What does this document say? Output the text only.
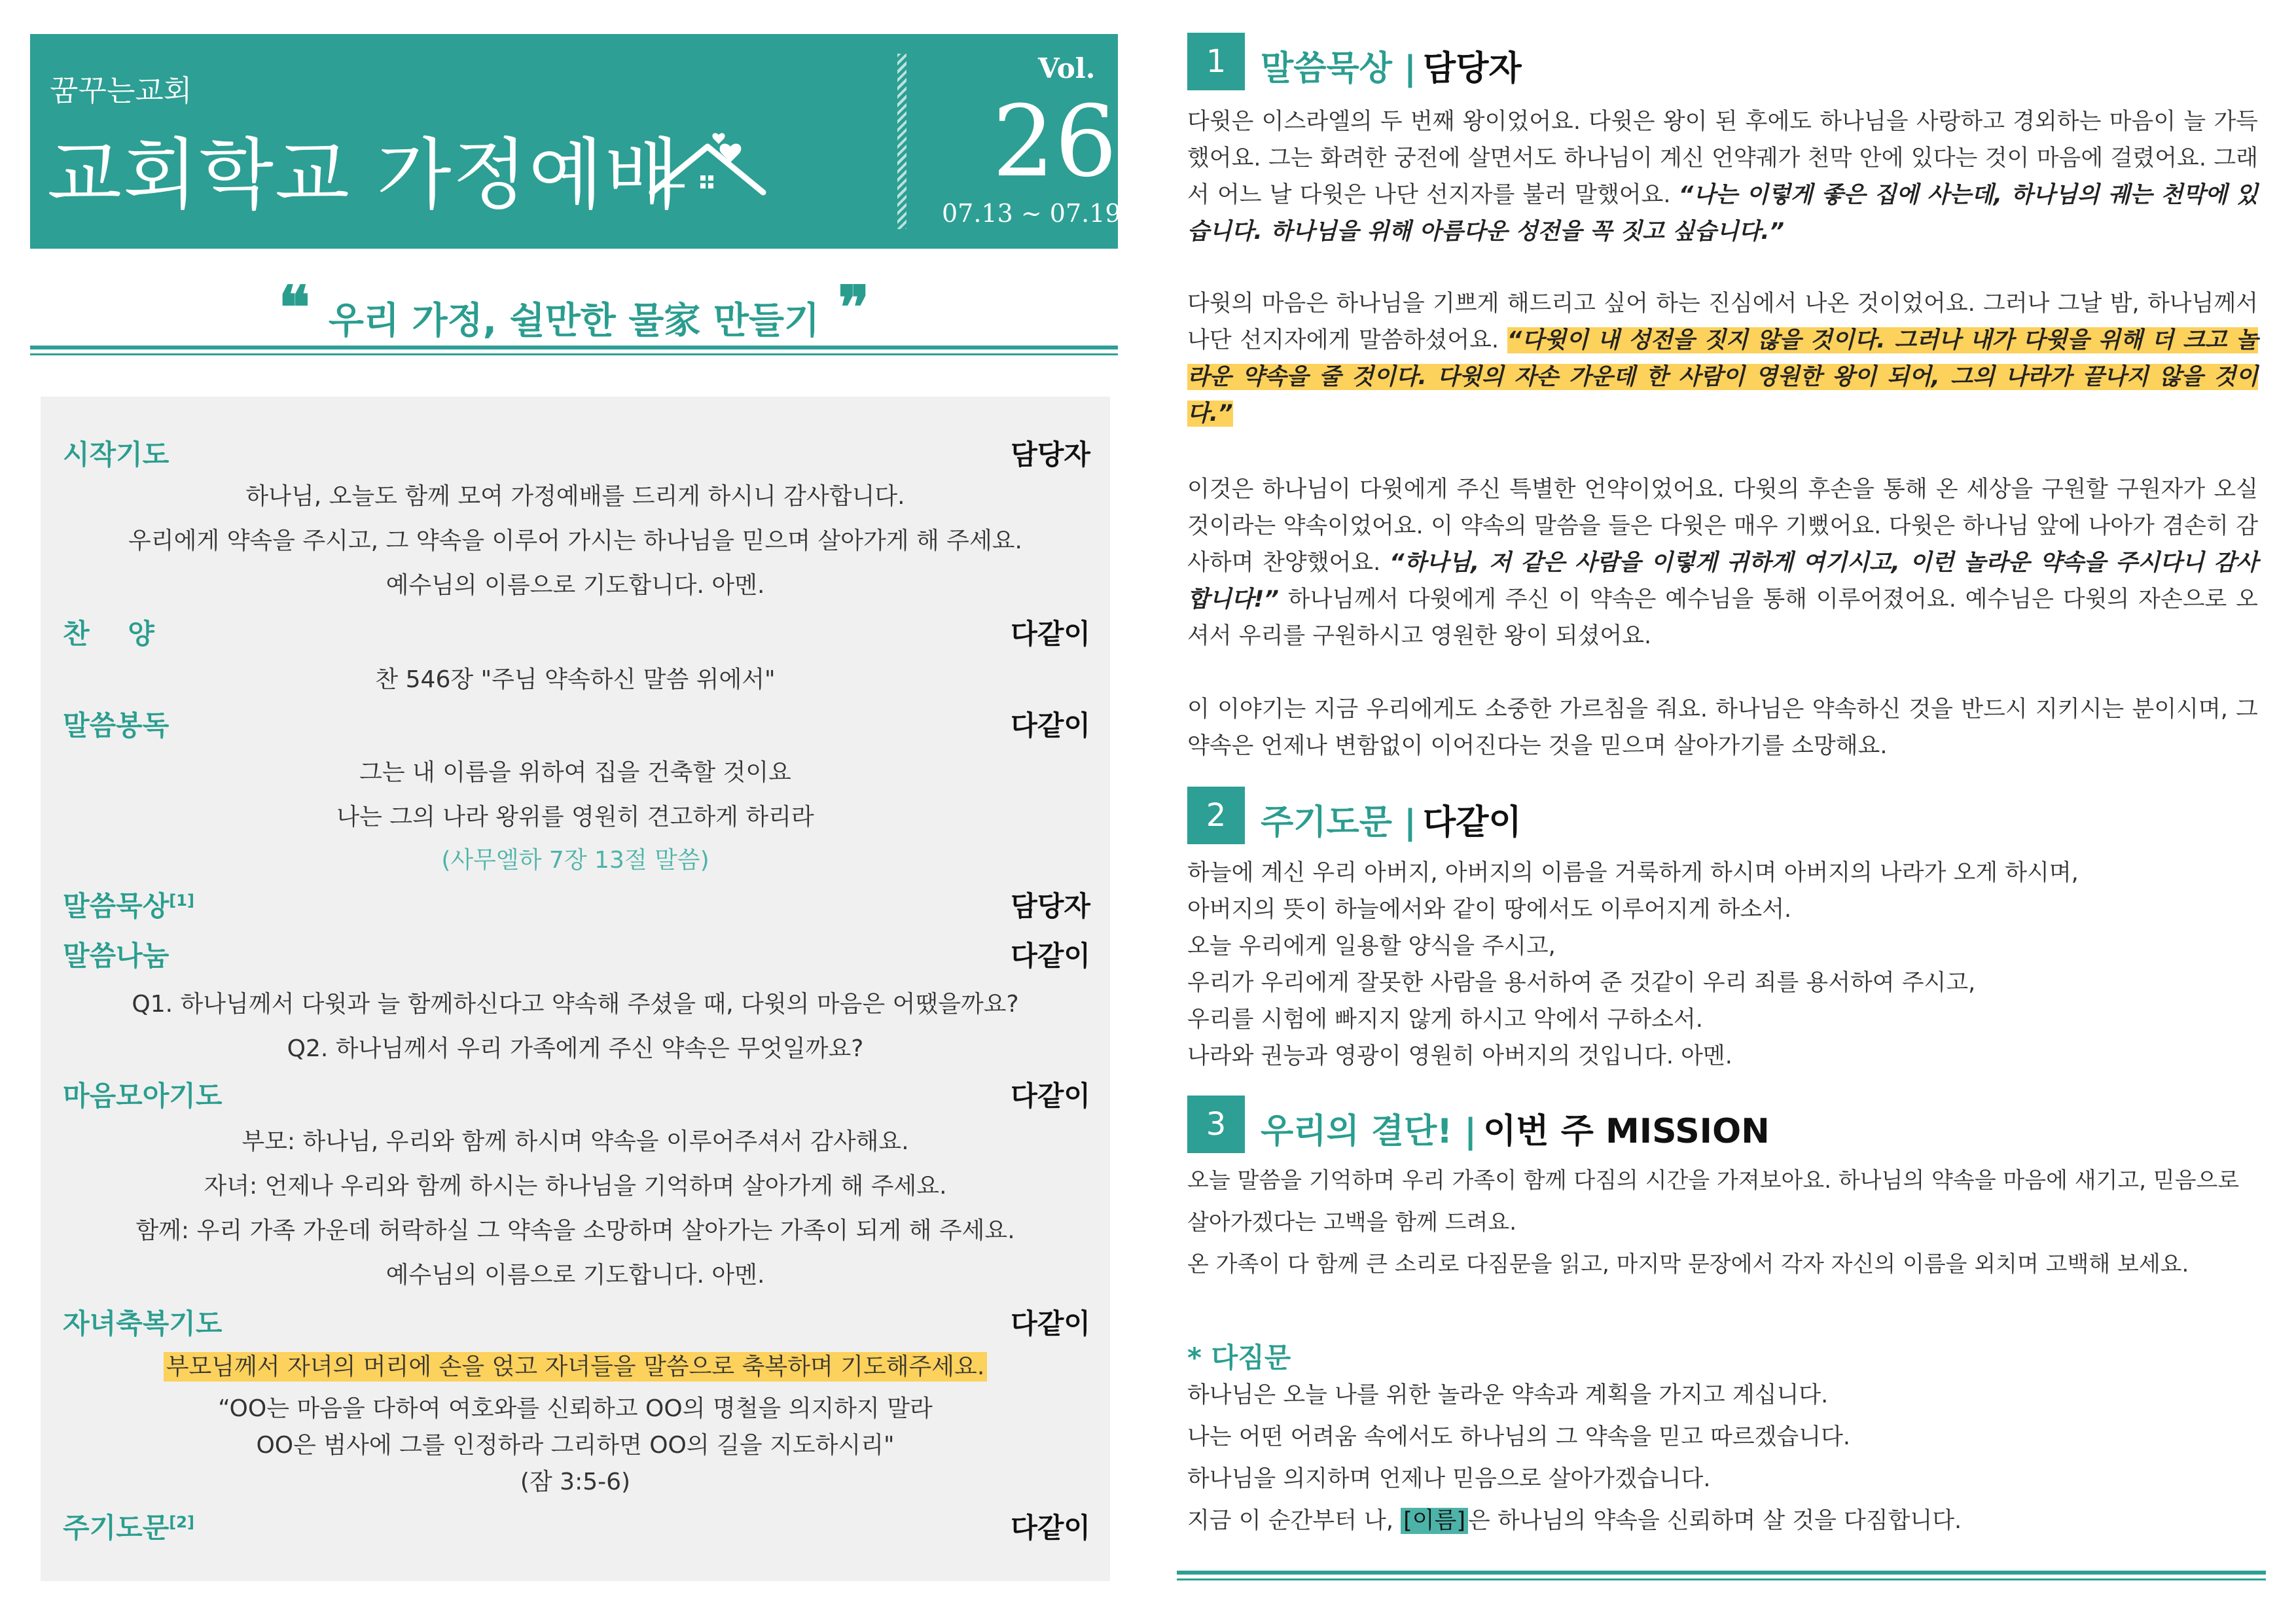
꿈꾸는교회
교회학교 가정예배
Vol.
26
07.13 ~ 07.19
❝ 우리 가정, 쉴만한 물家 만들기 ❞
시작기도	담당자
하나님, 오늘도 함께 모여 가정예배를 드리게 하시니 감사합니다.
우리에게 약속을 주시고, 그 약속을 이루어 가시는 하나님을 믿으며 살아가게 해 주세요.
예수님의 이름으로 기도합니다. 아멘.
찬 양	다같이
찬 546장 "주님 약속하신 말씀 위에서"
말씀봉독	다같이
그는 내 이름을 위하여 집을 건축할 것이요
나는 그의 나라 왕위를 영원히 견고하게 하리라
(사무엘하 7장 13절 말씀)
말씀묵상[1]	담당자
말씀나눔	다같이
Q1. 하나님께서 다윗과 늘 함께하신다고 약속해 주셨을 때, 다윗의 마음은 어땠을까요?
Q2. 하나님께서 우리 가족에게 주신 약속은 무엇일까요?
마음모아기도	다같이
부모: 하나님, 우리와 함께 하시며 약속을 이루어주셔서 감사해요.
자녀: 언제나 우리와 함께 하시는 하나님을 기억하며 살아가게 해 주세요.
함께: 우리 가족 가운데 허락하실 그 약속을 소망하며 살아가는 가족이 되게 해 주세요.
예수님의 이름으로 기도합니다. 아멘.
자녀축복기도	다같이
부모님께서 자녀의 머리에 손을 얹고 자녀들을 말씀으로 축복하며 기도해주세요.
“OO는 마음을 다하여 여호와를 신뢰하고 OO의 명철을 의지하지 말라
OO은 범사에 그를 인정하라 그리하면 OO의 길을 지도하시리"
(잠 3:5-6)
주기도문[2]	다같이
1	말씀묵상 | 담당자
다윗은 이스라엘의 두 번째 왕이었어요. 다윗은 왕이 된 후에도 하나님을 사랑하고 경외하는 마음이 늘 가득했어요. 그는 화려한 궁전에 살면서도 하나님이 계신 언약궤가 천막 안에 있다는 것이 마음에 걸렸어요. 그래서 어느 날 다윗은 나단 선지자를 불러 말했어요. “나는 이렇게 좋은 집에 사는데, 하나님의 궤는 천막에 있습니다. 하나님을 위해 아름다운 성전을 꼭 짓고 싶습니다.”
다윗의 마음은 하나님을 기쁘게 해드리고 싶어 하는 진심에서 나온 것이었어요. 그러나 그날 밤, 하나님께서 나단 선지자에게 말씀하셨어요. “다윗이 내 성전을 짓지 않을 것이다. 그러나 내가 다윗을 위해 더 크고 놀라운 약속을 줄 것이다. 다윗의 자손 가운데 한 사람이 영원한 왕이 되어, 그의 나라가 끝나지 않을 것이다.”
이것은 하나님이 다윗에게 주신 특별한 언약이었어요. 다윗의 후손을 통해 온 세상을 구원할 구원자가 오실 것이라는 약속이었어요. 이 약속의 말씀을 들은 다윗은 매우 기뻤어요. 다윗은 하나님 앞에 나아가 겸손히 감사하며 찬양했어요. “하나님, 저 같은 사람을 이렇게 귀하게 여기시고, 이런 놀라운 약속을 주시다니 감사합니다!” 하나님께서 다윗에게 주신 이 약속은 예수님을 통해 이루어졌어요. 예수님은 다윗의 자손으로 오셔서 우리를 구원하시고 영원한 왕이 되셨어요.
이 이야기는 지금 우리에게도 소중한 가르침을 줘요. 하나님은 약속하신 것을 반드시 지키시는 분이시며, 그 약속은 언제나 변함없이 이어진다는 것을 믿으며 살아가기를 소망해요.
2	주기도문 | 다같이
하늘에 계신 우리 아버지, 아버지의 이름을 거룩하게 하시며 아버지의 나라가 오게 하시며,
아버지의 뜻이 하늘에서와 같이 땅에서도 이루어지게 하소서.
오늘 우리에게 일용할 양식을 주시고,
우리가 우리에게 잘못한 사람을 용서하여 준 것같이 우리 죄를 용서하여 주시고,
우리를 시험에 빠지지 않게 하시고 악에서 구하소서.
나라와 권능과 영광이 영원히 아버지의 것입니다. 아멘.
3	우리의 결단! | 이번 주 MISSION
오늘 말씀을 기억하며 우리 가족이 함께 다짐의 시간을 가져보아요. 하나님의 약속을 마음에 새기고, 믿음으로
살아가겠다는 고백을 함께 드려요.
온 가족이 다 함께 큰 소리로 다짐문을 읽고, 마지막 문장에서 각자 자신의 이름을 외치며 고백해 보세요.
* 다짐문
하나님은 오늘 나를 위한 놀라운 약속과 계획을 가지고 계십니다.
나는 어떤 어려움 속에서도 하나님의 그 약속을 믿고 따르겠습니다.
하나님을 의지하며 언제나 믿음으로 살아가겠습니다.
지금 이 순간부터 나, [이름] 은 하나님의 약속을 신뢰하며 살 것을 다짐합니다.
